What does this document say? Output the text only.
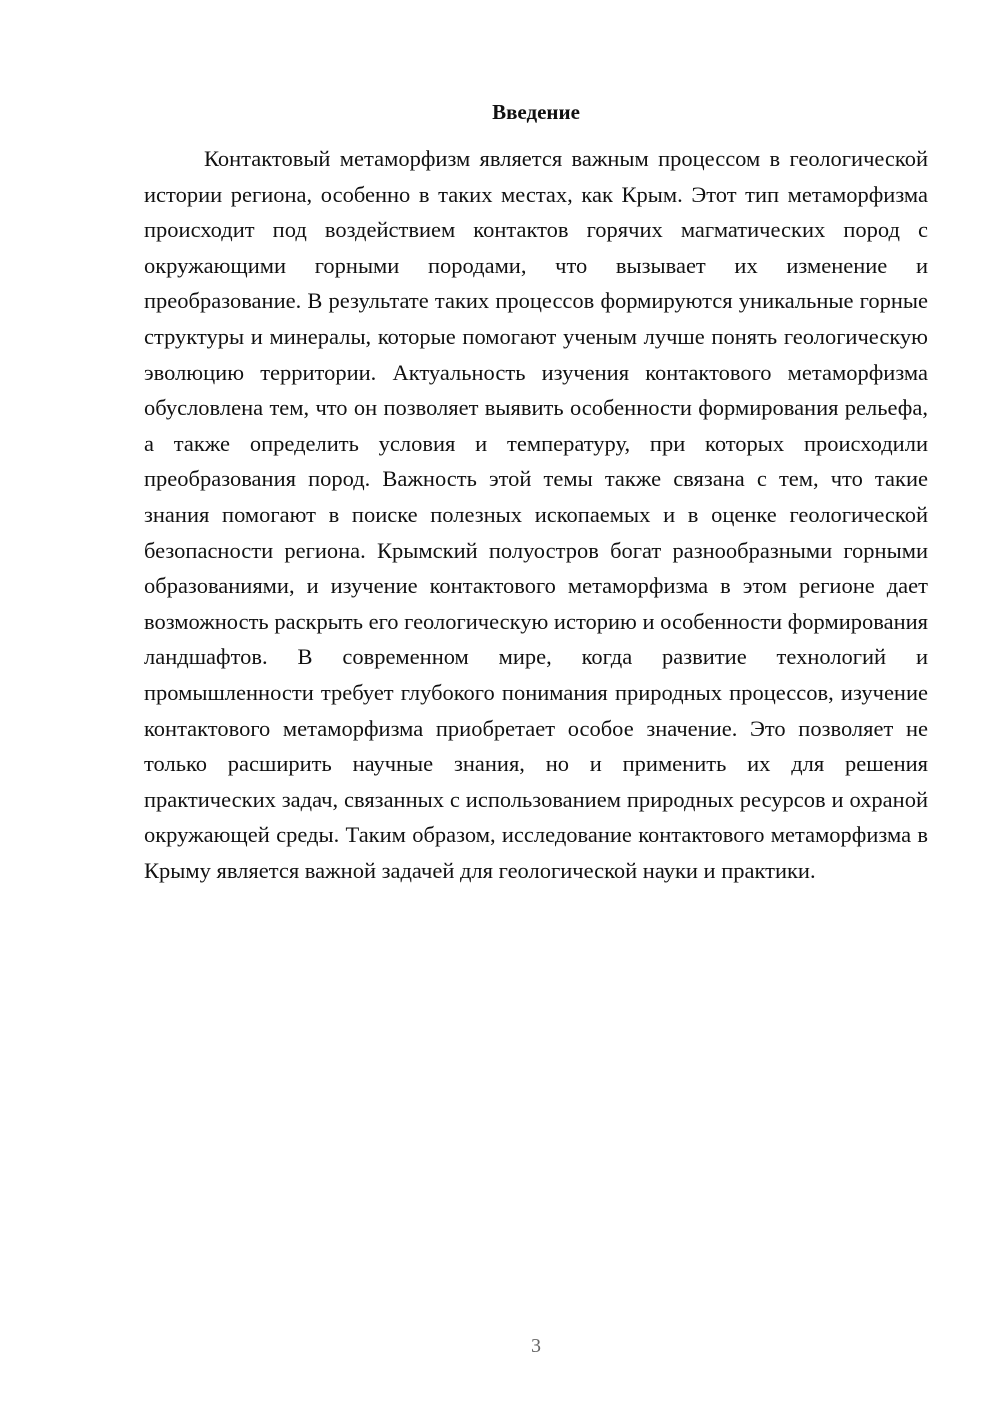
Введение

Контактовый метаморфизм является важным процессом в геологической истории региона, особенно в таких местах, как Крым. Этот тип метаморфизма происходит под воздействием контактов горячих магматических пород с окружающими горными породами, что вызывает их изменение и преобразование. В результате таких процессов формируются уникальные горные структуры и минералы, которые помогают ученым лучше понять геологическую эволюцию территории. Актуальность изучения контактового метаморфизма обусловлена тем, что он позволяет выявить особенности формирования рельефа, а также определить условия и температуру, при которых происходили преобразования пород. Важность этой темы также связана с тем, что такие знания помогают в поиске полезных ископаемых и в оценке геологической безопасности региона. Крымский полуостров богат разнообразными горными образованиями, и изучение контактового метаморфизма в этом регионе дает возможность раскрыть его геологическую историю и особенности формирования ландшафтов. В современном мире, когда развитие технологий и промышленности требует глубокого понимания природных процессов, изучение контактового метаморфизма приобретает особое значение. Это позволяет не только расширить научные знания, но и применить их для решения практических задач, связанных с использованием природных ресурсов и охраной окружающей среды. Таким образом, исследование контактового метаморфизма в Крыму является важной задачей для геологической науки и практики.

3
